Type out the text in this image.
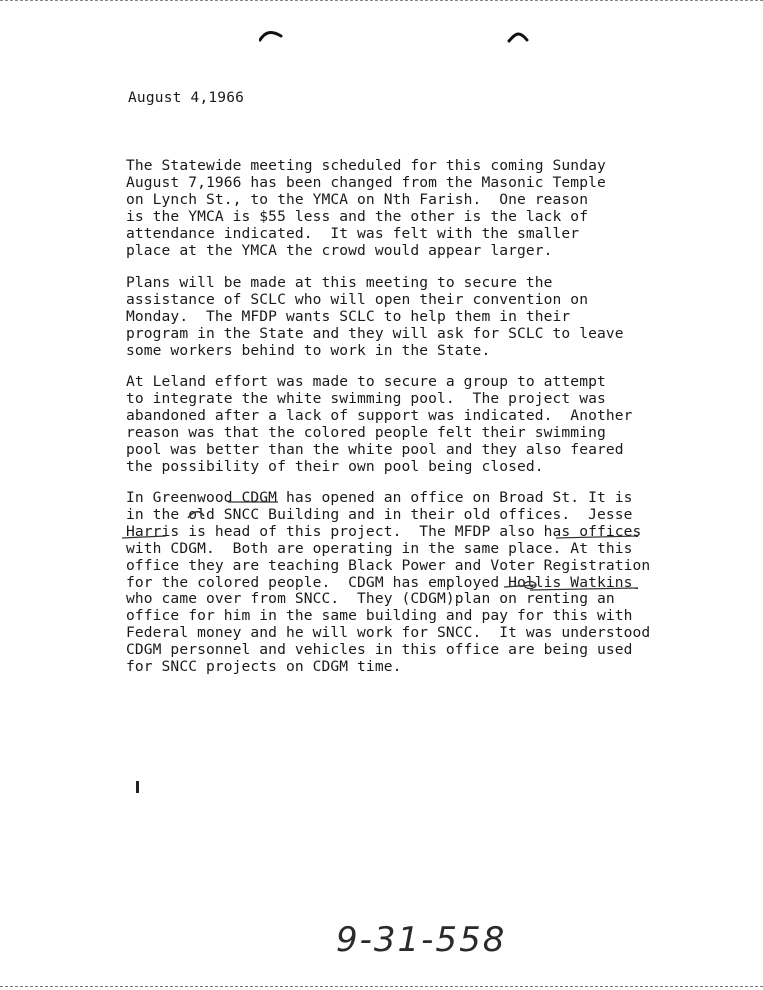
August 4,1966
The Statewide meeting scheduled for this coming Sunday
August 7,1966 has been changed from the Masonic Temple
on Lynch St., to the YMCA on Nth Farish.  One reason
is the YMCA is $55 less and the other is the lack of
attendance indicated.  It was felt with the smaller
place at the YMCA the crowd would appear larger.
Plans will be made at this meeting to secure the
assistance of SCLC who will open their convention on
Monday.  The MFDP wants SCLC to help them in their
program in the State and they will ask for SCLC to leave
some workers behind to work in the State.
At Leland effort was made to secure a group to attempt
to integrate the white swimming pool.  The project was
abandoned after a lack of support was indicated.  Another
reason was that the colored people felt their swimming
pool was better than the white pool and they also feared
the possibility of their own pool being closed.
In Greenwood CDGM has opened an office on Broad St. It is
in the old SNCC Building and in their old offices.  Jesse
Harris is head of this project.  The MFDP also has offices
with CDGM.  Both are operating in the same place. At this
office they are teaching Black Power and Voter Registration
for the colored people.  CDGM has employed Hollis Watkins
who came over from SNCC.  They (CDGM)plan on renting an
office for him in the same building and pay for this with
Federal money and he will work for SNCC.  It was understood
CDGM personnel and vehicles in this office are being used
for SNCC projects on CDGM time.
9-31-558
